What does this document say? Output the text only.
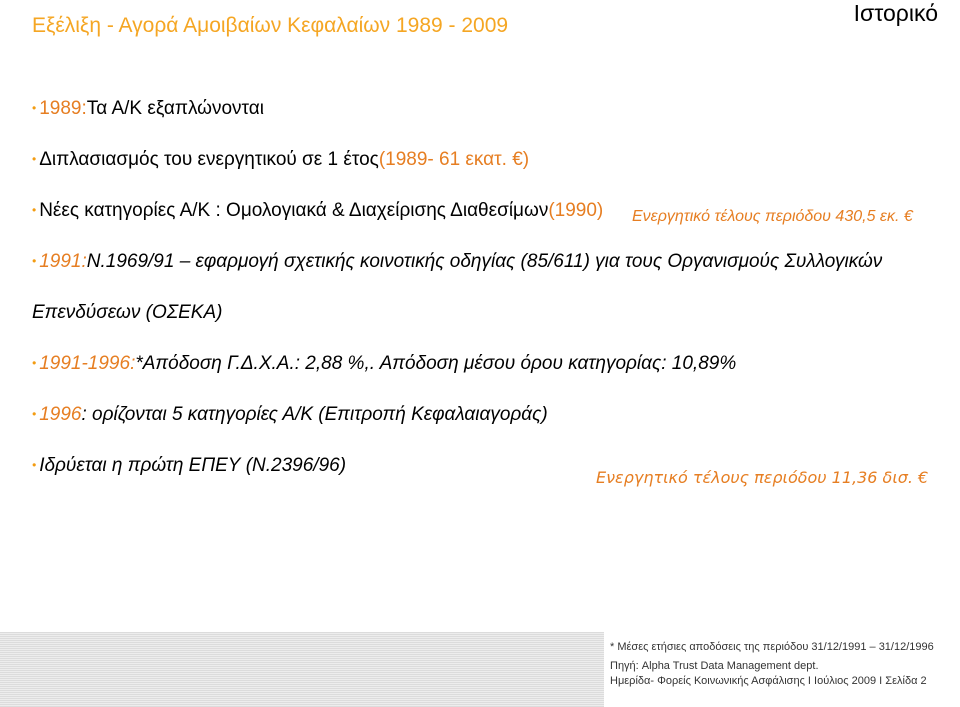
Εξέλιξη - Αγορά Αμοιβαίων Κεφαλαίων 1989 - 2009	Ιστορικό
• 1989: Τα Α/Κ εξαπλώνονται
• Διπλασιασμός του ενεργητικού σε 1 έτος (1989- 61 εκατ. €)
• Νέες κατηγορίες Α/Κ : Ομολογιακά & Διαχείρισης Διαθεσίμων (1990) Ενεργητικό τέλους περιόδου 430,5 εκ. €
• 1991: Ν.1969/91 – εφαρμογή σχετικής κοινοτικής οδηγίας (85/611) για τους Οργανισμούς Συλλογικών
Επενδύσεων (ΟΣΕΚΑ)
• 1991-1996: *Απόδοση Γ.Δ.Χ.Α.: 2,88 %,. Απόδοση μέσου όρου κατηγορίας: 10,89%
• 1996 : ορίζονται 5 κατηγορίες Α/Κ (Επιτροπή Κεφαλαιαγοράς)
• Ιδρύεται η πρώτη ΕΠΕΥ (Ν.2396/96)
Ενεργητικό τέλους περιόδου 11,36 δισ. €
* Μέσες ετήσιες αποδόσεις της περιόδου 31/12/1991 – 31/12/1996
Πηγή: Alpha Trust Data Management dept.
Ημερίδα- Φορείς Κοινωνικής Ασφάλισης I Ιούλιος 2009 I Σελίδα 2
